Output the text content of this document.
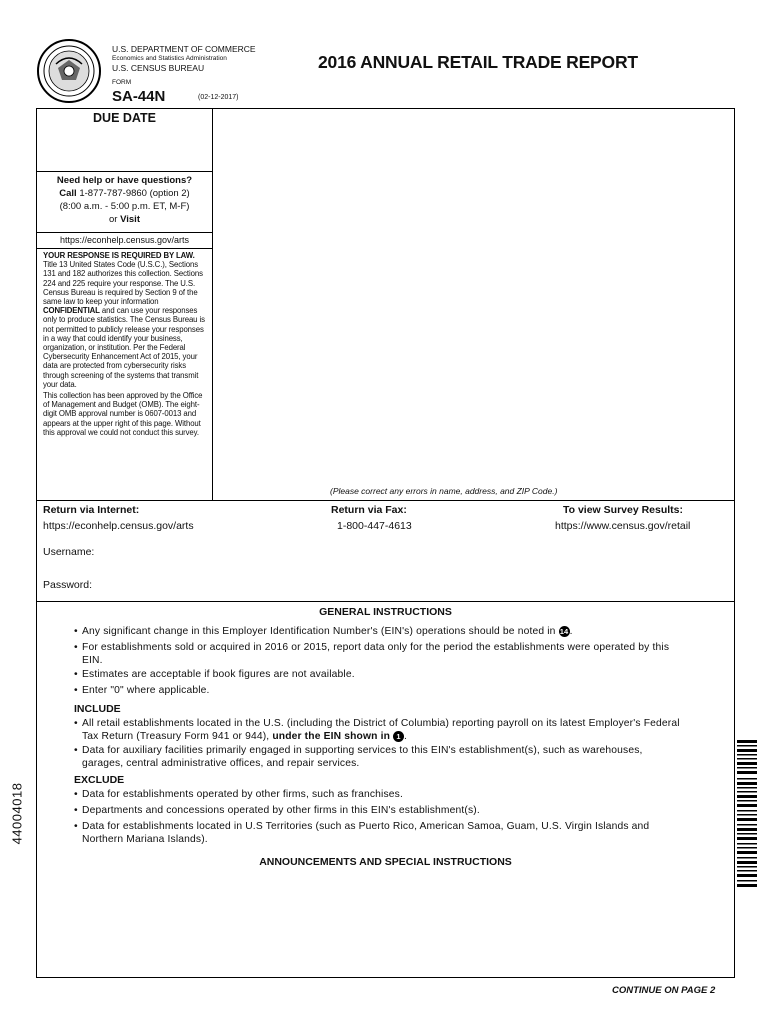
U.S. DEPARTMENT OF COMMERCE
Economics and Statistics Administration
U.S. CENSUS BUREAU
FORM
SA-44N	(02-12-2017)
2016 ANNUAL RETAIL TRADE REPORT
DUE DATE
Need help or have questions?
Call 1-877-787-9860 (option 2)
(8:00 a.m. - 5:00 p.m. ET, M-F)
or Visit
https://econhelp.census.gov/arts

YOUR RESPONSE IS REQUIRED BY LAW. Title 13 United States Code (U.S.C.), Sections 131 and 182 authorizes this collection. Sections 224 and 225 require your response. The U.S. Census Bureau is required by Section 9 of the same law to keep your information CONFIDENTIAL and can use your responses only to produce statistics. The Census Bureau is not permitted to publicly release your responses in a way that could identify your business, organization, or institution. Per the Federal Cybersecurity Enhancement Act of 2015, your data are protected from cybersecurity risks through screening of the systems that transmit your data.

This collection has been approved by the Office of Management and Budget (OMB). The eight-digit OMB approval number is 0607-0013 and appears at the upper right of this page. Without this approval we could not conduct this survey.

(Please correct any errors in name, address, and ZIP Code.)
Return via Internet:
https://econhelp.census.gov/arts
Return via Fax:
1-800-447-4613
To view Survey Results:
https://www.census.gov/retail
Username:
Password:
GENERAL INSTRUCTIONS
• Any significant change in this Employer Identification Number's (EIN's) operations should be noted in 14.
• For establishments sold or acquired in 2016 or 2015, report data only for the period the establishments were operated by this EIN.
• Estimates are acceptable if book figures are not available.
• Enter "0" where applicable.
INCLUDE
• All retail establishments located in the U.S. (including the District of Columbia) reporting payroll on its latest Employer's Federal Tax Return (Treasury Form 941 or 944), under the EIN shown in 1 .
• Data for auxiliary facilities primarily engaged in supporting services to this EIN's establishment(s), such as warehouses, garages, central administrative offices, and repair services.
EXCLUDE
• Data for establishments operated by other firms, such as franchises.
• Departments and concessions operated by other firms in this EIN's establishment(s).
• Data for establishments located in U.S Territories (such as Puerto Rico, American Samoa, Guam, U.S. Virgin Islands and Northern Mariana Islands).
ANNOUNCEMENTS AND SPECIAL INSTRUCTIONS
CONTINUE ON PAGE 2
44004018
